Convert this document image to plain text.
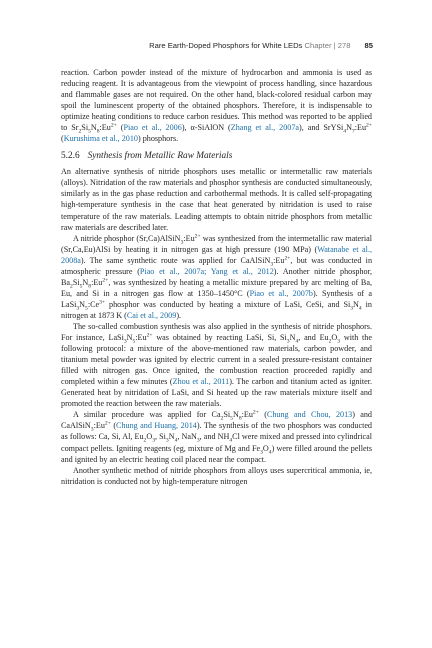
Rare Earth-Doped Phosphors for White LEDs Chapter | 278 85

reaction. Carbon powder instead of the mixture of hydrocarbon and ammonia is used as reducing reagent. It is advantageous from the viewpoint of process handling, since hazardous and flammable gases are not required. On the other hand, black-colored residual carbon may spoil the luminescent property of the obtained phosphors. Therefore, it is indispensable to optimize heating conditions to reduce carbon residues. This method was reported to be applied to $Sr_2Si_5N_8:Eu^{2+}$ (Piao et al., 2006), α-SiAlON (Zhang et al., 2007a), and $SrYSi_4N_7:Eu^{2+}$ (Kurushima et al., 2010) phosphors.

5.2.6 Synthesis from Metallic Raw Materials

An alternative synthesis of nitride phosphors uses metallic or intermetallic raw materials (alloys). Nitridation of the raw materials and phosphor synthesis are conducted simultaneously, similarly as in the gas phase reduction and carbothermal methods. It is called self-propagating high-temperature synthesis in the case that heat generated by nitridation is used to raise temperature of the raw materials. Leading attempts to obtain nitride phosphors from metallic raw materials are described later.

A nitride phosphor $(Sr,Ca)AlSiN_3:Eu^{2+}$ was synthesized from the intermetallic raw material (Sr,Ca,Eu)AlSi by heating it in nitrogen gas at high pressure (190 MPa) (Watanabe et al., 2008a). The same synthetic route was applied for $CaAlSiN_3:Eu^{2+}$, but was conducted in atmospheric pressure (Piao et al., 2007a; Yang et al., 2012). Another nitride phosphor, $Ba_2Si_5N_8:Eu^{2+}$, was synthesized by heating a metallic mixture prepared by arc melting of Ba, Eu, and Si in a nitrogen gas flow at 1350–1450°C (Piao et al., 2007b). Synthesis of a $LaSi_3N_5:Ce^{3+}$ phosphor was conducted by heating a mixture of LaSi, CeSi, and $Si_3N_4$ in nitrogen at 1873 K (Cai et al., 2009).

The so-called combustion synthesis was also applied in the synthesis of nitride phosphors. For instance, $LaSi_3N_5:Eu^{2+}$ was obtained by reacting LaSi, Si, $Si_3N_4$, and $Eu_2O_3$ with the following protocol: a mixture of the above-mentioned raw materials, carbon powder, and titanium metal powder was ignited by electric current in a sealed pressure-resistant container filled with nitrogen gas. Once ignited, the combustion reaction proceeded rapidly and completed within a few minutes (Zhou et al., 2011). The carbon and titanium acted as igniter. Generated heat by nitridation of LaSi, and Si heated up the raw materials mixture itself and promoted the reaction between the raw materials.

A similar procedure was applied for $Ca_2Si_5N_8:Eu^{2+}$ (Chung and Chou, 2013) and $CaAlSiN_3:Eu^{2+}$ (Chung and Huang, 2014). The synthesis of the two phosphors was conducted as follows: Ca, Si, Al, $Eu_2O_3$, $Si_3N_4$, NaN$_3$, and $NH_4Cl$ were mixed and pressed into cylindrical compact pellets. Igniting reagents (eg, mixture of Mg and $Fe_3O_4$) were filled around the pellets and ignited by an electric heating coil placed near the compact.

Another synthetic method of nitride phosphors from alloys uses supercritical ammonia, ie, nitridation is conducted not by high-temperature nitrogen
